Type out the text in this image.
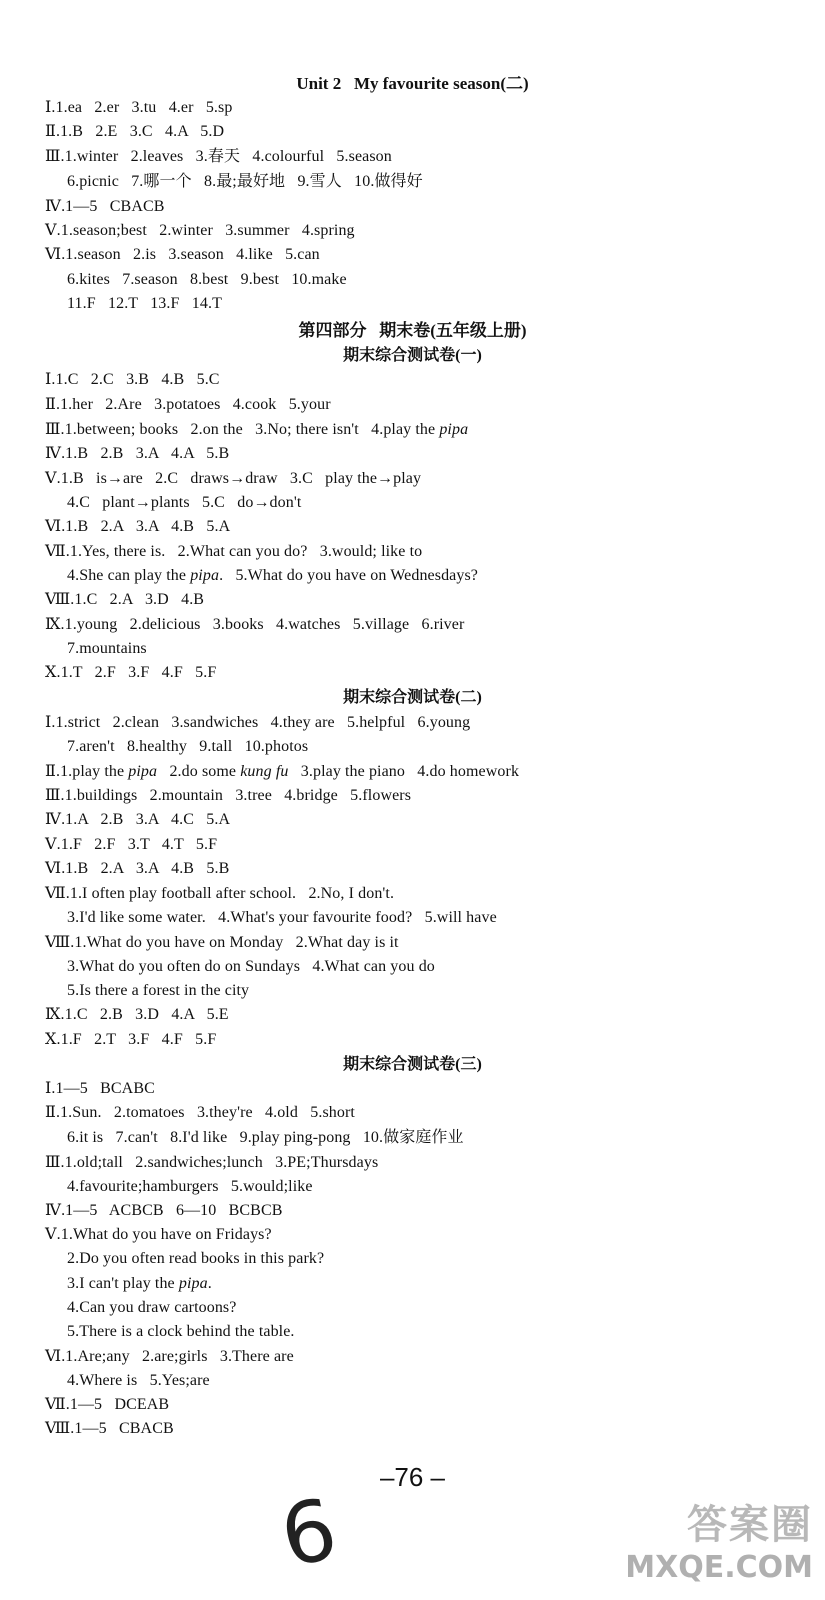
Unit 2   My favourite season(二)
Ⅰ.1.ea   2.er   3.tu   4.er   5.sp
Ⅱ.1.B   2.E   3.C   4.A   5.D
Ⅲ.1.winter   2.leaves   3.春天   4.colourful   5.season
6.picnic   7.哪一个   8.最;最好地   9.雪人   10.做得好
Ⅳ.1—5   CBACB
Ⅴ.1.season;best   2.winter   3.summer   4.spring
Ⅵ.1.season   2.is   3.season   4.like   5.can
6.kites   7.season   8.best   9.best   10.make
11.F   12.T   13.F   14.T
第四部分   期末卷(五年级上册)
期末综合测试卷(一)
Ⅰ.1.C   2.C   3.B   4.B   5.C
Ⅱ.1.her   2.Are   3.potatoes   4.cook   5.your
Ⅲ.1.between; books   2.on the   3.No; there isn't   4.play the pipa
Ⅳ.1.B   2.B   3.A   4.A   5.B
Ⅴ.1.B   is→are   2.C   draws→draw   3.C   play the→play
4.C   plant→plants   5.C   do→don't
Ⅵ.1.B   2.A   3.A   4.B   5.A
Ⅶ.1.Yes, there is.   2.What can you do?   3.would; like to
4.She can play the pipa.   5.What do you have on Wednesdays?
Ⅷ.1.C   2.A   3.D   4.B
Ⅸ.1.young   2.delicious   3.books   4.watches   5.village   6.river
7.mountains
Ⅹ.1.T   2.F   3.F   4.F   5.F
期末综合测试卷(二)
Ⅰ.1.strict   2.clean   3.sandwiches   4.they are   5.helpful   6.young
7.aren't   8.healthy   9.tall   10.photos
Ⅱ.1.play the pipa   2.do some kung fu   3.play the piano   4.do homework
Ⅲ.1.buildings   2.mountain   3.tree   4.bridge   5.flowers
Ⅳ.1.A   2.B   3.A   4.C   5.A
Ⅴ.1.F   2.F   3.T   4.T   5.F
Ⅵ.1.B   2.A   3.A   4.B   5.B
Ⅶ.1.I often play football after school.   2.No, I don't.
3.I'd like some water.   4.What's your favourite food?   5.will have
Ⅷ.1.What do you have on Monday   2.What day is it
3.What do you often do on Sundays   4.What can you do
5.Is there a forest in the city
Ⅸ.1.C   2.B   3.D   4.A   5.E
Ⅹ.1.F   2.T   3.F   4.F   5.F
期末综合测试卷(三)
Ⅰ.1—5   BCABC
Ⅱ.1.Sun.   2.tomatoes   3.they're   4.old   5.short
6.it is   7.can't   8.I'd like   9.play ping-pong   10.做家庭作业
Ⅲ.1.old;tall   2.sandwiches;lunch   3.PE;Thursdays
4.favourite;hamburgers   5.would;like
Ⅳ.1—5   ACBCB   6—10   BCBCB
Ⅴ.1.What do you have on Fridays?
2.Do you often read books in this park?
3.I can't play the pipa.
4.Can you draw cartoons?
5.There is a clock behind the table.
Ⅵ.1.Are;any   2.are;girls   3.There are
4.Where is   5.Yes;are
Ⅶ.1—5   DCEAB
Ⅷ.1—5   CBACB
–76 –
6	答案圈
MXQE.COM
